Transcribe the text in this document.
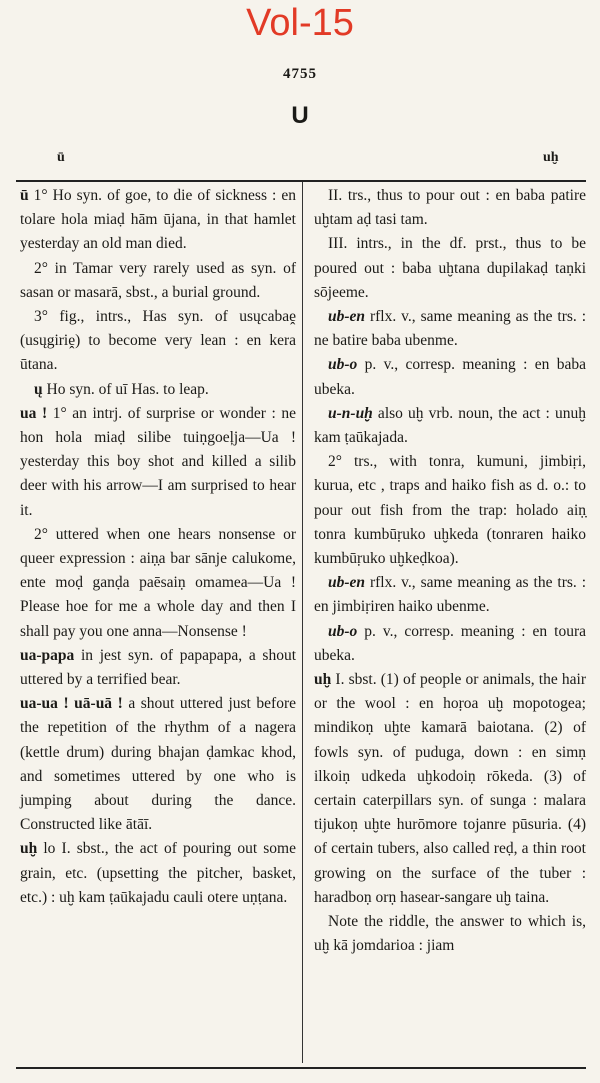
Vol-15
4755
U
ū	uḫ

ū 1° Ho syn. of goe, to die of sickness : en tolare hola miaḍ hām ūjana, in that hamlet yesterday an old man died.

2° in Tamar very rarely used as syn. of sasan or masarā, sbst., a burial ground.

3° fig., intrs., Has syn. of usųcabaḙ (usųgiriḙ) to become very lean : en kera ūtana.

ų Ho syn. of uī Has. to leap.

ua ! 1° an intrj. of surprise or wonder : ne hon hola miaḍ silibe tuiṇgoeļja—Ua ! yesterday this boy shot and killed a silib deer with his arrow—I am surprised to hear it.

2° uttered when one hears nonsense or queer expression : aiṇ̣a bar sānje calukome, ente moḍ ganḍa paēsaiṇ omamea—Ua ! Please hoe for me a whole day and then I shall pay you one anna—Nonsense !

ua-papa in jest syn. of papapapa, a shout uttered by a terrified bear.

ua-ua ! uā-uā ! a shout uttered just before the repetition of the rhythm of a nagera (kettle drum) during bhajan ḍamkac khod, and sometimes uttered by one who is jumping about during the dance. Constructed like ātāī.

uḫ lo I. sbst., the act of pouring out some grain, etc. (upsetting the pitcher, basket, etc.) : uḫ kam ṭaūkajadu cauli otere uṇṭana.

II. trs., thus to pour out : en baba patire uḫtam aḍ tasi tam.

III. intrs., in the df. prst., thus to be poured out : baba uḫtana dupilakaḍ taṇki sōjeeme.

ub-en rflx. v., same meaning as the trs. : ne batire baba ubenme.

ub-o p. v., corresp. meaning : en baba ubeka.

u-n-uḫ also uḫ vrb. noun, the act : unuḫ kam ṭaūkajada.

2° trs., with tonra, kumuni, jimbiṛi, kurua, etc , traps and haiko fish as d. o.: to pour out fish from the trap: holado aiṇ̣ tonra kumbūṛuko uḫkeda (tonraren haiko kumbūṛuko uḫkeḍkoa).

ub-en rflx. v., same meaning as the trs. : en jimbiṛiren haiko ubenme.

ub-o p. v., corresp. meaning : en toura ubeka.

uḫ I. sbst. (1) of people or animals, the hair or the wool : en hoṛoa uḫ mopotogea; mindikoṇ uḫte kamarā baiotana. (2) of fowls syn. of puduga, down : en simṇ ilkoiṇ udkeda uḫkodoiṇ rōkeda. (3) of certain caterpillars syn. of sunga : malara tijukoṇ uḫte hurōmore tojanre pūsuria. (4) of certain tubers, also called reḍ, a thin root growing on the surface of the tuber : haradboṇ orṇ hasear-sangare uḫ taina.

Note the riddle, the answer to which is, uḫ kā jomdarioa : jiam
